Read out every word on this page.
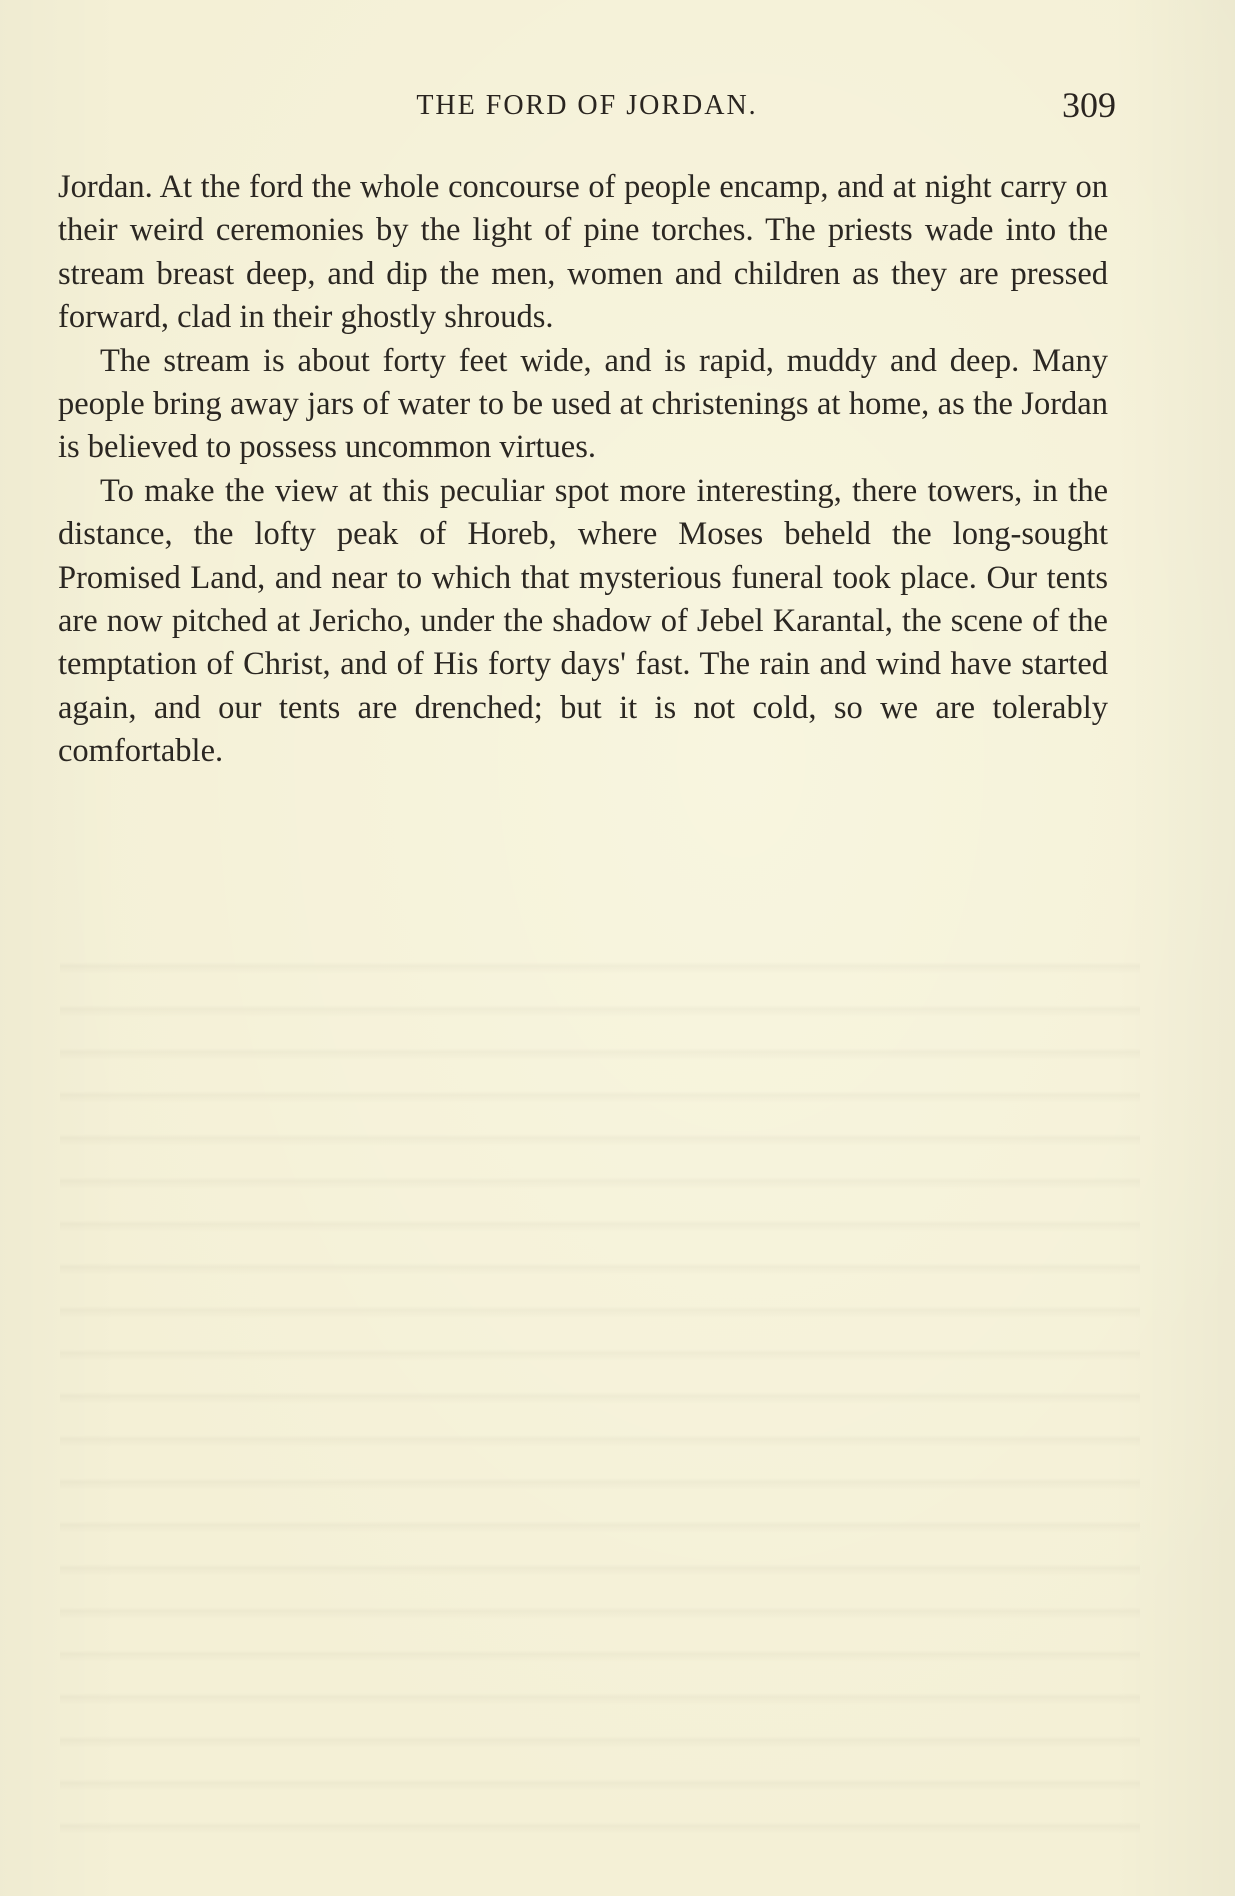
THE FORD OF JORDAN.	309

Jordan. At the ford the whole concourse of people encamp, and at night carry on their weird ceremonies by the light of pine torches. The priests wade into the stream breast deep, and dip the men, women and children as they are pressed forward, clad in their ghostly shrouds.

The stream is about forty feet wide, and is rapid, muddy and deep. Many people bring away jars of water to be used at christenings at home, as the Jordan is believed to possess uncommon virtues.

To make the view at this peculiar spot more interesting, there towers, in the distance, the lofty peak of Horeb, where Moses beheld the long-sought Promised Land, and near to which that mysterious funeral took place. Our tents are now pitched at Jericho, under the shadow of Jebel Karantal, the scene of the temptation of Christ, and of His forty days' fast. The rain and wind have started again, and our tents are drenched; but it is not cold, so we are tolerably comfortable.
